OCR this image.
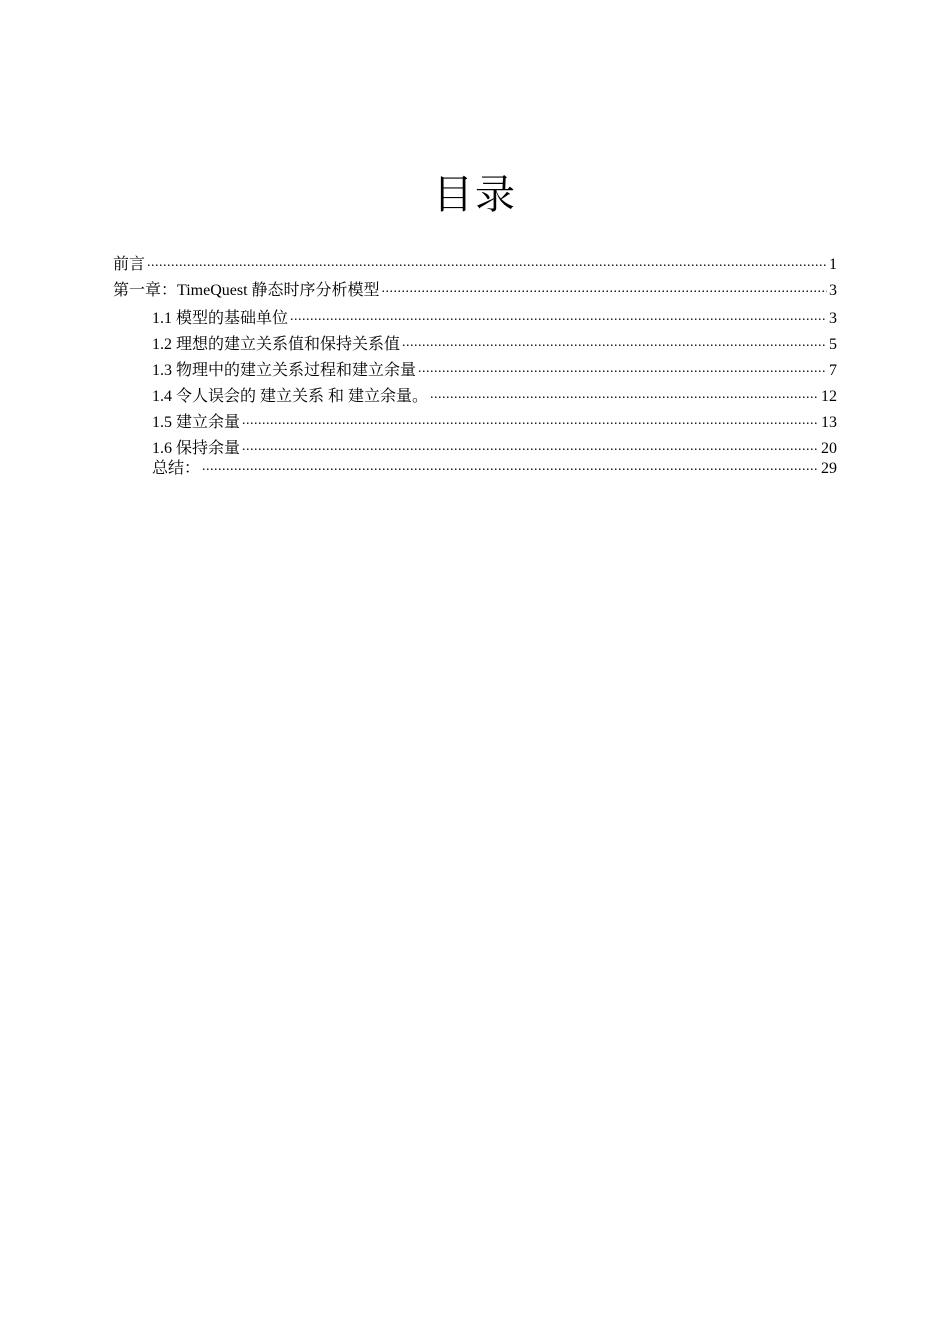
目录
前言 .....	1
第一章：TimeQuest 静态时序分析模型 .....	3
1.1 模型的基础单位 .....	3
1.2 理想的建立关系值和保持关系值 .....	5
1.3 物理中的建立关系过程和建立余量 .....	7
1.4 令人误会的 建立关系 和 建立余量。 .....	12
1.5 建立余量 .....	13
1.6 保持余量 .....	20
总结： .....	29
